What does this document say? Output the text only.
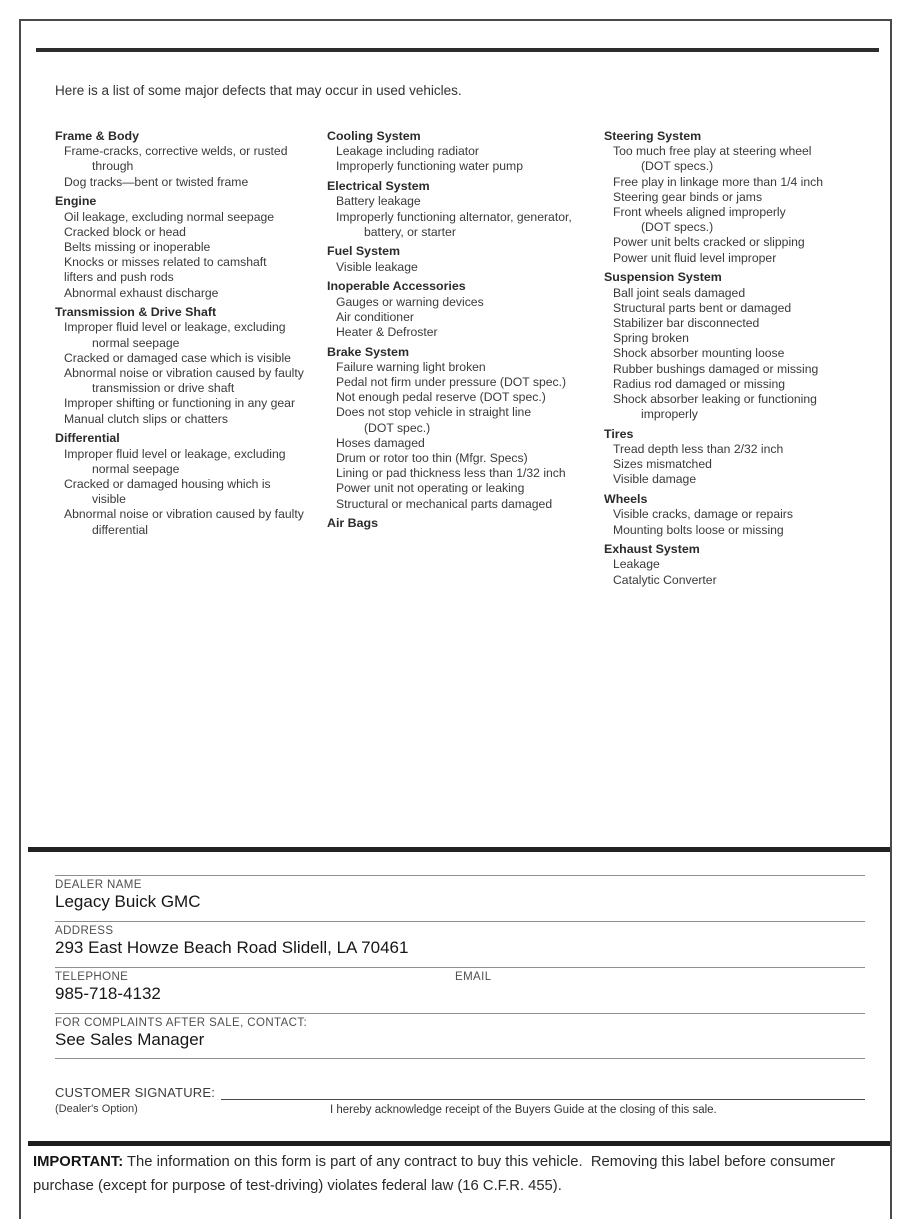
Here is a list of some major defects that may occur in used vehicles.
Frame & Body
Frame-cracks, corrective welds, or rusted
through
Dog tracks—bent or twisted frame
Engine
Oil leakage, excluding normal seepage
Cracked block or head
Belts missing or inoperable
Knocks or misses related to camshaft
lifters and push rods
Abnormal exhaust discharge
Transmission & Drive Shaft
Improper fluid level or leakage, excluding
normal seepage
Cracked or damaged case which is visible
Abnormal noise or vibration caused by faulty
transmission or drive shaft
Improper shifting or functioning in any gear
Manual clutch slips or chatters
Differential
Improper fluid level or leakage, excluding
normal seepage
Cracked or damaged housing which is
visible
Abnormal noise or vibration caused by faulty
differential
Cooling System
Leakage including radiator
Improperly functioning water pump
Electrical System
Battery leakage
Improperly functioning alternator, generator,
battery, or starter
Fuel System
Visible leakage
Inoperable Accessories
Gauges or warning devices
Air conditioner
Heater & Defroster
Brake System
Failure warning light broken
Pedal not firm under pressure (DOT spec.)
Not enough pedal reserve (DOT spec.)
Does not stop vehicle in straight line
(DOT spec.)
Hoses damaged
Drum or rotor too thin (Mfgr. Specs)
Lining or pad thickness less than 1/32 inch
Power unit not operating or leaking
Structural or mechanical parts damaged
Air Bags
Steering System
Too much free play at steering wheel
(DOT specs.)
Free play in linkage more than 1/4 inch
Steering gear binds or jams
Front wheels aligned improperly
(DOT specs.)
Power unit belts cracked or slipping
Power unit fluid level improper
Suspension System
Ball joint seals damaged
Structural parts bent or damaged
Stabilizer bar disconnected
Spring broken
Shock absorber mounting loose
Rubber bushings damaged or missing
Radius rod damaged or missing
Shock absorber leaking or functioning
improperly
Tires
Tread depth less than 2/32 inch
Sizes mismatched
Visible damage
Wheels
Visible cracks, damage or repairs
Mounting bolts loose or missing
Exhaust System
Leakage
Catalytic Converter
DEALER NAME
Legacy Buick GMC
ADDRESS
293 East Howze Beach Road Slidell, LA 70461
TELEPHONE
985-718-4132
EMAIL
FOR COMPLAINTS AFTER SALE, CONTACT:
See Sales Manager
CUSTOMER SIGNATURE:
(Dealer's Option)	I hereby acknowledge receipt of the Buyers Guide at the closing of this sale.
IMPORTANT: The information on this form is part of any contract to buy this vehicle.  Removing this label before consumer purchase (except for purpose of test-driving) violates federal law (16 C.F.R. 455).
